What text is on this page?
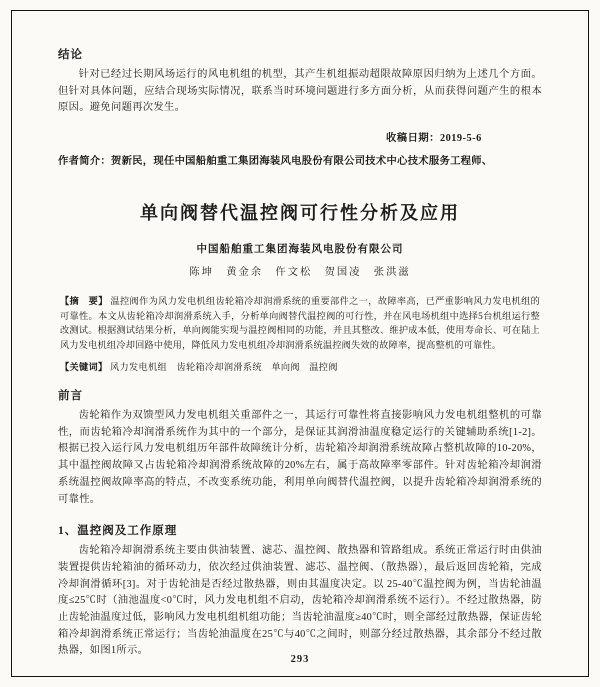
结论

针对已经过长期风场运行的风电机组的机型，其产生机组振动超限故障原因归纳为上述几个方面。但针对具体问题，应结合现场实际情况，联系当时环境问题进行多方面分析，从而获得问题产生的根本原因。避免问题再次发生。

收稿日期：2019-5-6

作者简介：贺新民，现任中国船舶重工集团海装风电股份有限公司技术中心技术服务工程师、

单向阀替代温控阀可行性分析及应用
中国船舶重工集团海装风电股份有限公司
陈坤　黄金余　仵文松　贺国凌　张洪滋

【摘　要】 温控阀作为风力发电机组齿轮箱冷却润滑系统的重要部件之一，故障率高，已严重影响风力发电机组的可靠性。本文从齿轮箱冷却润滑系统入手，分析单向阀替代温控阀的可行性，并在风电场机组中选择5台机组运行整改测试。根据测试结果分析，单向阀能实现与温控阀相同的功能，并且其整改、维护成本低，使用寿命长、可在陆上风力发电机组冷却回路中使用，降低风力发电机组冷却润滑系统温控阀失效的故障率，提高整机的可靠性。

【关键词】 风力发电机组　齿轮箱冷却润滑系统　单向阀　温控阀

前言

齿轮箱作为双馈型风力发电机组关重部件之一，其运行可靠性将直接影响风力发电机组整机的可靠性，而齿轮箱冷却润滑系统作为其中的一个部分，是保证其润滑油温度稳定运行的关键辅助系统[1-2]。根据已投入运行风力发电机组历年部件故障统计分析，齿轮箱冷却润滑系统故障占整机故障的10-20%，其中温控阀故障又占齿轮箱冷却润滑系统故障的20%左右，属于高故障率零部件。针对齿轮箱冷却润滑系统温控阀故障率高的特点，不改变系统功能，利用单向阀替代温控阀，以提升齿轮箱冷却润滑系统的可靠性。

1、温控阀及工作原理

齿轮箱冷却润滑系统主要由供油装置、滤芯、温控阀、散热器和管路组成。系统正常运行时由供油装置提供齿轮箱油的循环动力，依次经过供油装置、滤芯、温控阀、（散热器），最后返回齿轮箱，完成冷却润滑循环[3]。对于齿轮油是否经过散热器，则由其温度决定。以 25-40℃温控阀为例，当齿轮油温度≤25℃时（油池温度<0℃时，风力发电机组不启动，齿轮箱冷却润滑系统不运行）。不经过散热器，防止齿轮油温度过低，影响风力发电机组机组功能；当齿轮油温度≥40℃时，则全部经过散热器，保证齿轮箱冷却润滑系统正常运行；当齿轮油温度在25℃与40℃之间时，则部分经过散热器，其余部分不经过散热器，如图1所示。

293
